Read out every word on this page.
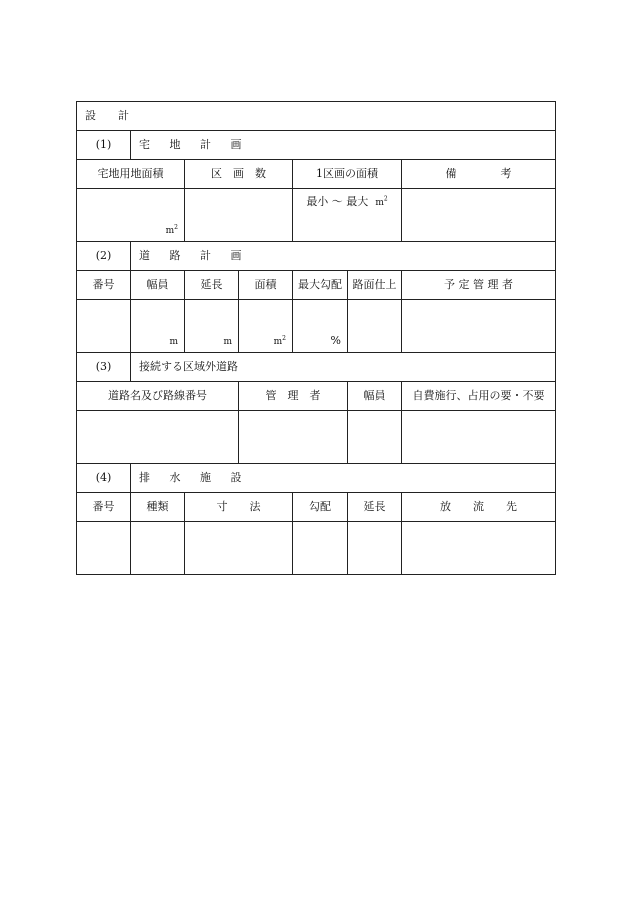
設　　計						
(1)	宅 地 計 画					
宅地用地面積		区　画　数		1区画の面積		備　　　　考
$m^2$				最小 ～ 最大 $m^2$	
(2)	道 路 計 画					
番号	幅員	延長	面積	最大勾配	路面仕上	予 定 管 理 者
	m	m	$m^2$	%		
(3)	接続する区域外道路					
道路名及び路線番号			管　理　者		幅員	自費施行、占用の要・不要

(4)	排 水 施 設					
番号	種類	寸　　法		勾配	延長	放　　流　　先
